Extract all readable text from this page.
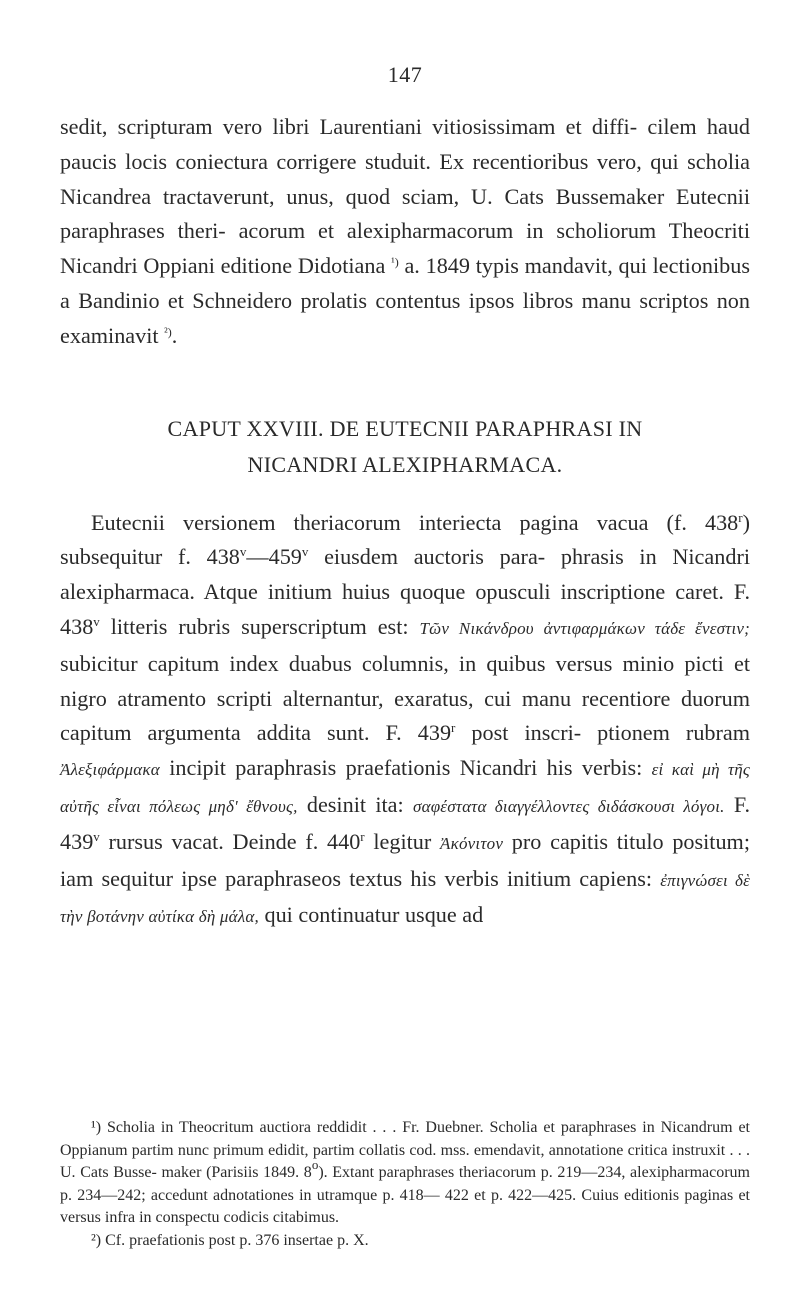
147

sedit, scripturam vero libri Laurentiani vitiosissimam et diffi- cilem haud paucis locis coniectura corrigere studuit. Ex recentioribus vero, qui scholia Nicandrea tractaverunt, unus, quod sciam, U. Cats Bussemaker Eutecnii paraphrases theri- acorum et alexipharmacorum in scholiorum Theocriti Nicandri Oppiani editione Didotiana $^{^1)}$ a. 1849 typis mandavit, qui lectionibus a Bandinio et Schneidero prolatis contentus ipsos libros manu scriptos non examinavit $^{^2)}$.

CAPUT XXVIII. DE EUTECNII PARAPHRASI IN
NICANDRI ALEXIPHARMACA.

Eutecnii versionem theriacorum interiecta pagina vacua (f. 438$^r$) subsequitur f. 438$^v$—459$^v$ eiusdem auctoris para- phrasis in Nicandri alexipharmaca. Atque initium huius quoque opusculi inscriptione caret. F. 438$^v$ litteris rubris superscriptum est: Τῶν Νικάνδρου ἀντιφαρμάκων τάδε ἔνεστιν; subicitur capitum index duabus columnis, in quibus versus minio picti et nigro atramento scripti alternantur, exaratus, cui manu recentiore duorum capitum argumenta addita sunt. F. 439$^r$ post inscri- ptionem rubram Ἀλεξιφάρμακα incipit paraphrasis praefationis Nicandri his verbis: εἰ καὶ μὴ τῆς αὐτῆς εἶναι πόλεως μηδ' ἔθνους, desinit ita: σαφέστατα διαγγέλλοντες διδάσκουσι λόγοι. F. 439$^v$ rursus vacat. Deinde f. 440$^r$ legitur Ἀκόνιτον pro capitis titulo positum; iam sequitur ipse paraphraseos textus his verbis initium capiens: ἐπιγνώσει δὲ τὴν βοτάνην αὐτίκα δὴ μάλα, qui continuatur usque ad

¹) Scholia in Theocritum auctiora reddidit . . . Fr. Duebner. Scholia et paraphrases in Nicandrum et Oppianum partim nunc primum edidit, partim collatis cod. mss. emendavit, annotatione critica instruxit . . . U. Cats Busse- maker (Parisiis 1849. 8$^o$). Extant paraphrases theriacorum p. 219—234, alexipharmacorum p. 234—242; accedunt adnotationes in utramque p. 418— 422 et p. 422—425. Cuius editionis paginas et versus infra in conspectu codicis citabimus.

²) Cf. praefationis post p. 376 insertae p. X.
